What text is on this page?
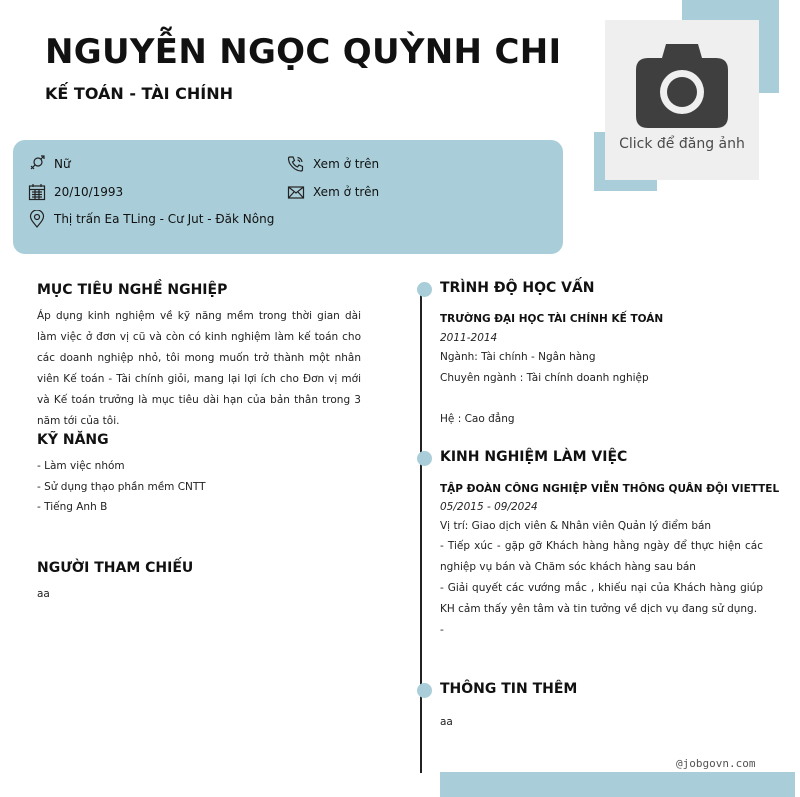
Click để đăng ảnh
NGUYỄN NGỌC QUỲNH CHI
KẾ TOÁN - TÀI CHÍNH
Nữ
20/10/1993
Thị trấn Ea TLing - Cư Jut - Đăk Nông
Xem ở trên
Xem ở trên
MỤC TIÊU NGHỀ NGHIỆP
Áp dụng kinh nghiệm về kỹ năng mềm trong thời gian dài làm việc ở đơn vị cũ và còn có kinh nghiệm làm kế toán cho các doanh nghiệp nhỏ, tôi mong muốn trở thành một nhân viên Kế toán - Tài chính giỏi, mang lại lợi ích cho Đơn vị mới và Kế toán trưởng là mục tiêu dài hạn của bản thân trong 3 năm tới của tôi.
KỸ NĂNG
- Làm việc nhóm
- Sử dụng thạo phần mềm CNTT
- Tiếng Anh B
NGƯỜI THAM CHIẾU
aa
TRÌNH ĐỘ HỌC VẤN
TRƯỜNG ĐẠI HỌC TÀI CHÍNH KẾ TOÁN
2011-2014
Ngành: Tài chính - Ngân hàng
Chuyên ngành : Tài chính doanh nghiệp
Hệ : Cao đẳng
KINH NGHIỆM LÀM VIỆC
TẬP ĐOÀN CÔNG NGHIỆP VIỄN THÔNG QUÂN ĐỘI VIETTEL
05/2015 - 09/2024
Vị trí: Giao dịch viên & Nhân viên Quản lý điểm bán
- Tiếp xúc - gặp gỡ Khách hàng hằng ngày để thực hiện các nghiệp vụ bán và Chăm sóc khách hàng sau bán
- Giải quyết các vướng mắc , khiếu nại của Khách hàng giúp KH cảm thấy yên tâm và tin tưởng về dịch vụ đang sử dụng.
-
THÔNG TIN THÊM
aa
@jobgovn.com
